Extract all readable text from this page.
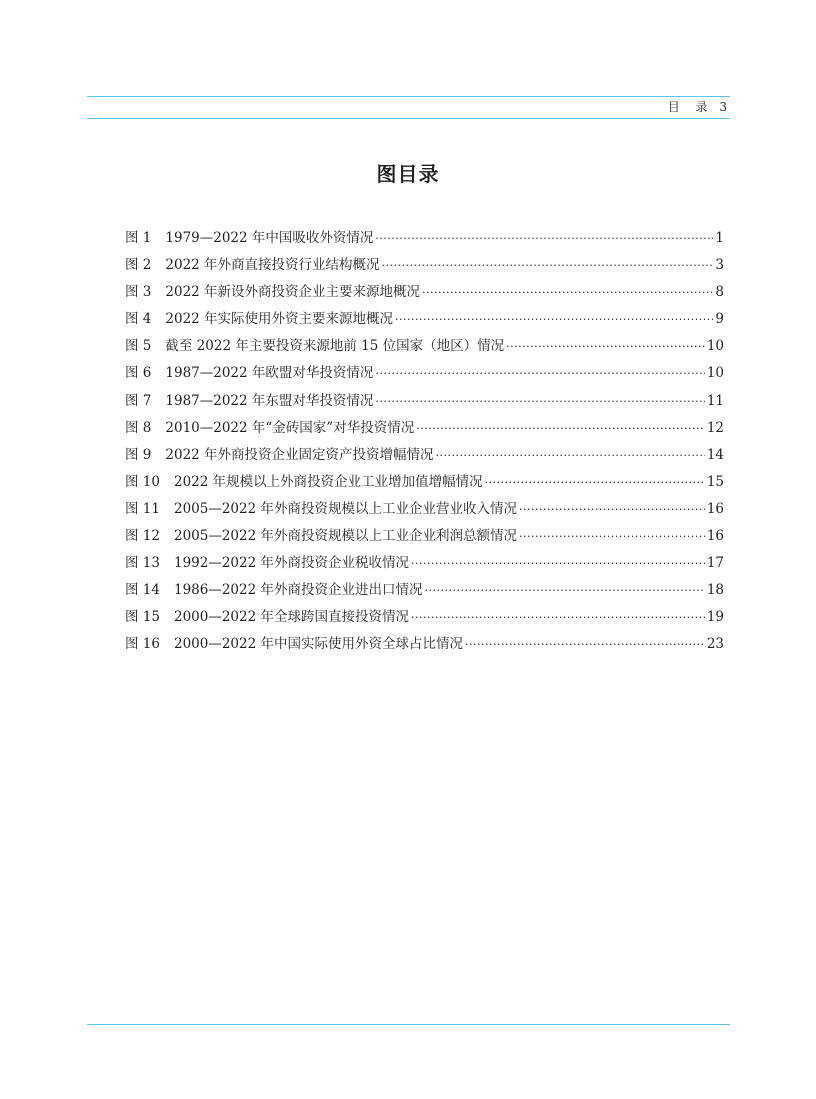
目 录 3
图目录
图 1 1979—2022 年中国吸收外资情况 ·····	1
图 2 2022 年外商直接投资行业结构概况 ·····	3
图 3 2022 年新设外商投资企业主要来源地概况 ·····	8
图 4 2022 年实际使用外资主要来源地概况 ·····	9
图 5 截至 2022 年主要投资来源地前 15 位国家（地区）情况 ·····	10
图 6 1987—2022 年欧盟对华投资情况 ·····	10
图 7 1987—2022 年东盟对华投资情况 ·····	11
图 8 2010—2022 年“金砖国家”对华投资情况 ·····	12
图 9 2022 年外商投资企业固定资产投资增幅情况 ·····	14
图 10 2022 年规模以上外商投资企业工业增加值增幅情况 ·····	15
图 11 2005—2022 年外商投资规模以上工业企业营业收入情况 ·····	16
图 12 2005—2022 年外商投资规模以上工业企业利润总额情况 ·····	16
图 13 1992—2022 年外商投资企业税收情况 ·····	17
图 14 1986—2022 年外商投资企业进出口情况 ·····	18
图 15 2000—2022 年全球跨国直接投资情况 ·····	19
图 16 2000—2022 年中国实际使用外资全球占比情况 ·····	23
